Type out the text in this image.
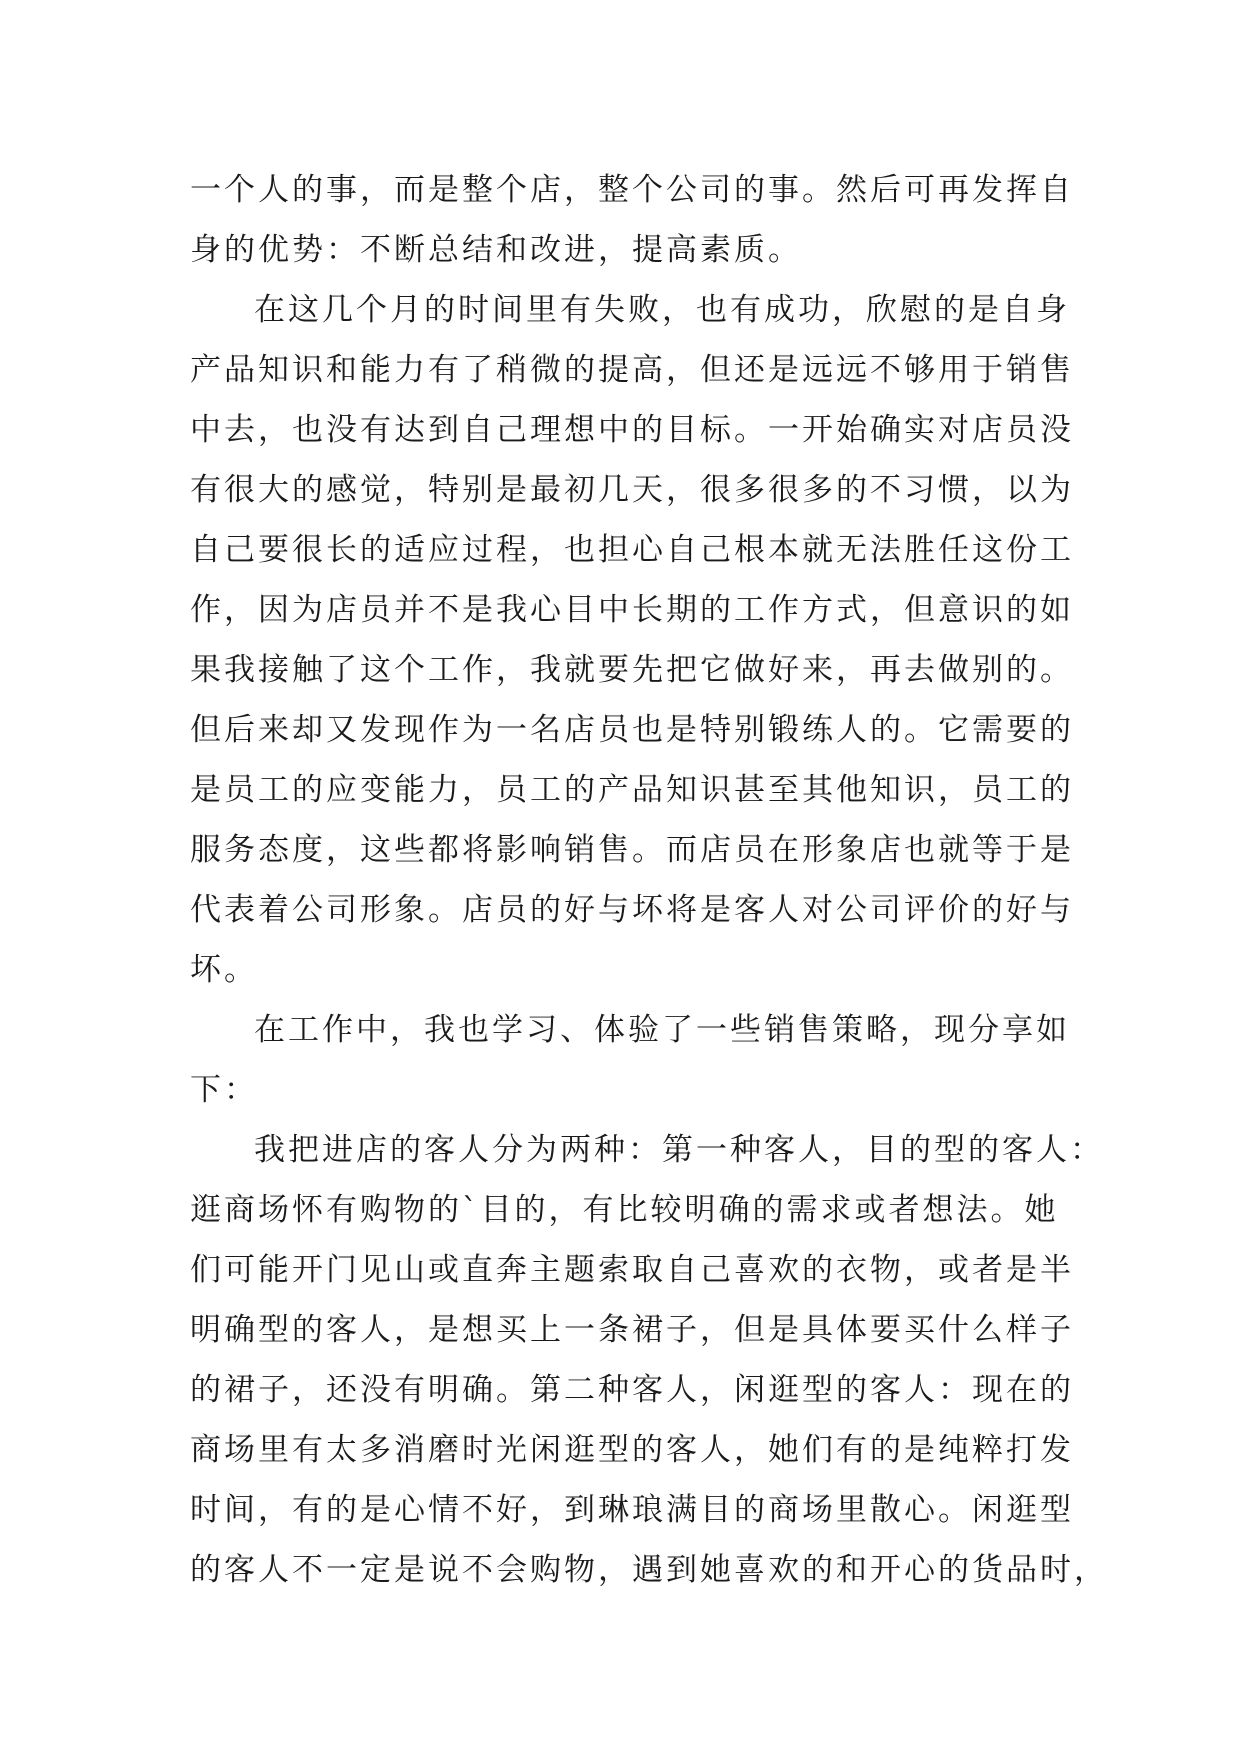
一 个 人 的 事 ， 而 是 整 个 店 ， 整 个 公 司 的 事 。 然 后 可 再 发 挥 自
身的优势：不断总结和改进，提高素质。
在 这 几 个 月 的 时 间 里 有 失 败 ， 也 有 成 功 ， 欣 慰 的 是 自 身
产 品 知 识 和 能 力 有 了 稍 微 的 提 高 ， 但 还 是 远 远 不 够 用 于 销 售
中 去 ， 也 没 有 达 到 自 己 理 想 中 的 目 标 。 一 开 始 确 实 对 店 员 没
有 很 大 的 感 觉 ， 特 别 是 最 初 几 天 ， 很 多 很 多 的 不 习 惯 ， 以 为
自 己 要 很 长 的 适 应 过 程 ， 也 担 心 自 己 根 本 就 无 法 胜 任 这 份 工
作 ， 因 为 店 员 并 不 是 我 心 目 中 长 期 的 工 作 方 式 ， 但 意 识 的 如
果 我 接 触 了 这 个 工 作 ， 我 就 要 先 把 它 做 好 来 ， 再 去 做 别 的 。
但 后 来 却 又 发 现 作 为 一 名 店 员 也 是 特 别 锻 练 人 的 。 它 需 要 的
是 员 工 的 应 变 能 力 ， 员 工 的 产 品 知 识 甚 至 其 他 知 识 ， 员 工 的
服 务 态 度 ， 这 些 都 将 影 响 销 售 。 而 店 员 在 形 象 店 也 就 等 于 是
代 表 着 公 司 形 象 。 店 员 的 好 与 坏 将 是 客 人 对 公 司 评 价 的 好 与
坏。
在 工 作 中 ， 我 也 学 习 、 体 验 了 一 些 销 售 策 略 ， 现 分 享 如
下：
我 把 进 店 的 客 人 分 为 两 种 ： 第 一 种 客 人 ， 目 的 型 的 客 人 ：
逛 商 场 怀 有 购 物 的 ` 目 的 ， 有 比 较 明 确 的 需 求 或 者 想 法 。 她
们 可 能 开 门 见 山 或 直 奔 主 题 索 取 自 己 喜 欢 的 衣 物 ， 或 者 是 半
明 确 型 的 客 人 ， 是 想 买 上 一 条 裙 子 ， 但 是 具 体 要 买 什 么 样 子
的 裙 子 ， 还 没 有 明 确 。 第 二 种 客 人 ， 闲 逛 型 的 客 人 ： 现 在 的
商 场 里 有 太 多 消 磨 时 光 闲 逛 型 的 客 人 ， 她 们 有 的 是 纯 粹 打 发
时 间 ， 有 的 是 心 情 不 好 ， 到 琳 琅 满 目 的 商 场 里 散 心 。 闲 逛 型
的 客 人 不 一 定 是 说 不 会 购 物 ， 遇 到 她 喜 欢 的 和 开 心 的 货 品 时 ，
